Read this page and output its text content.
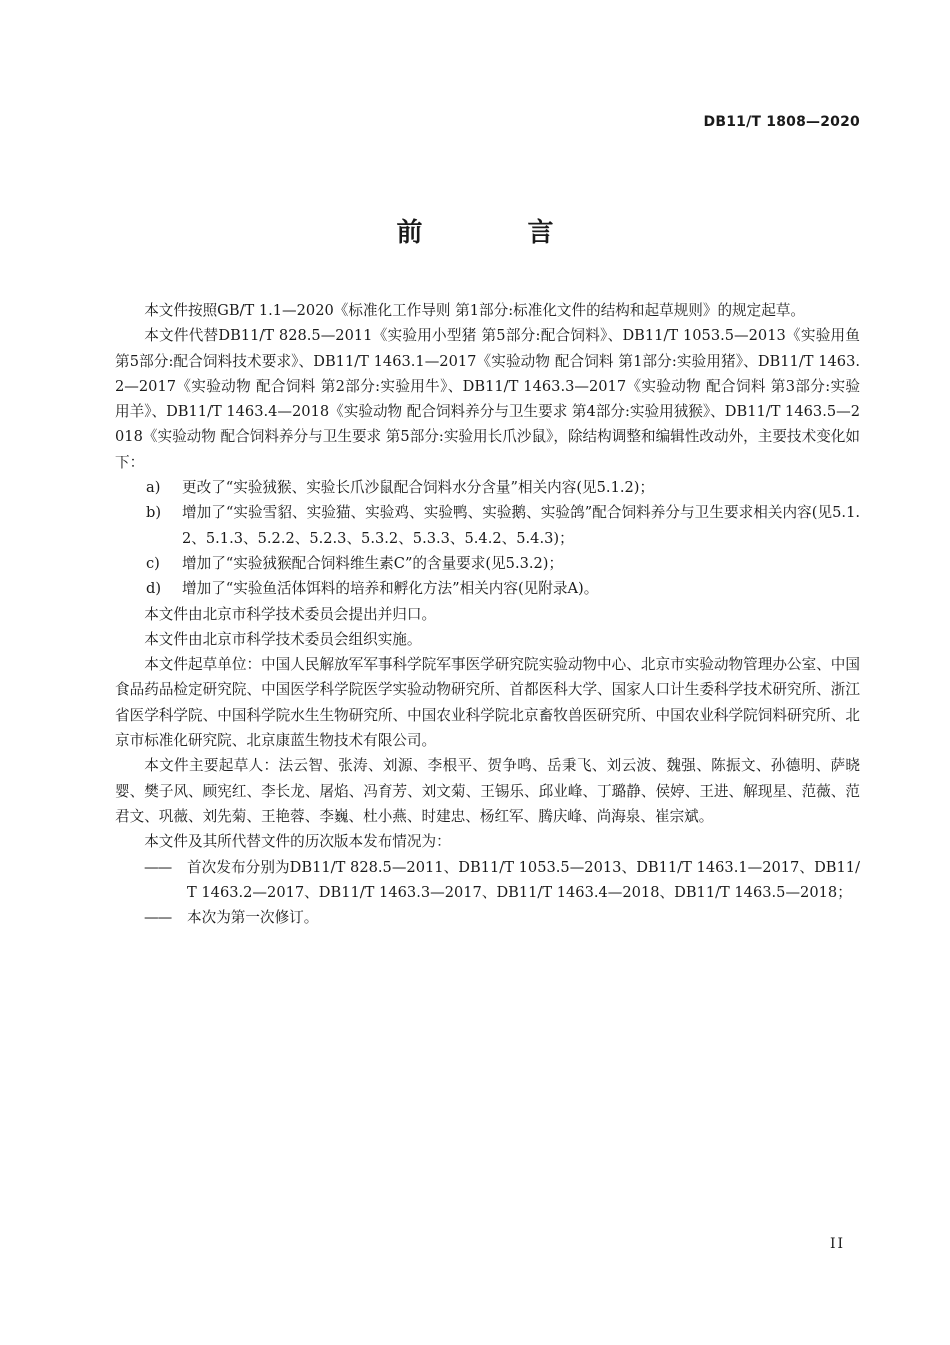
DB11/T 1808—2020
前 言

本文件按照GB/T 1.1—2020《标准化工作导则 第1部分:标准化文件的结构和起草规则》的规定起草。

本文件代替DB11/T 828.5—2011《实验用小型猪 第5部分:配合饲料》、DB11/T 1053.5—2013《实验用鱼 第5部分:配合饲料技术要求》、DB11/T 1463.1—2017《实验动物 配合饲料 第1部分:实验用猪》、DB11/T 1463.2—2017《实验动物 配合饲料 第2部分:实验用牛》、DB11/T 1463.3—2017《实验动物 配合饲料 第3部分:实验用羊》、DB11/T 1463.4—2018《实验动物 配合饲料养分与卫生要求 第4部分:实验用狨猴》、DB11/T 1463.5—2018《实验动物 配合饲料养分与卫生要求 第5部分:实验用长爪沙鼠》，除结构调整和编辑性改动外，主要技术变化如下：

a)	更改了“实验狨猴、实验长爪沙鼠配合饲料水分含量”相关内容(见5.1.2)；
b)	增加了“实验雪貂、实验猫、实验鸡、实验鸭、实验鹅、实验鸽”配合饲料养分与卫生要求相关内容(见5.1.2、5.1.3、5.2.2、5.2.3、5.3.2、5.3.3、5.4.2、5.4.3)；
c)	增加了“实验狨猴配合饲料维生素C”的含量要求(见5.3.2)；
d)	增加了“实验鱼活体饵料的培养和孵化方法”相关内容(见附录A)。

本文件由北京市科学技术委员会提出并归口。

本文件由北京市科学技术委员会组织实施。

本文件起草单位：中国人民解放军军事科学院军事医学研究院实验动物中心、北京市实验动物管理办公室、中国食品药品检定研究院、中国医学科学院医学实验动物研究所、首都医科大学、国家人口计生委科学技术研究所、浙江省医学科学院、中国科学院水生生物研究所、中国农业科学院北京畜牧兽医研究所、中国农业科学院饲料研究所、北京市标准化研究院、北京康蓝生物技术有限公司。

本文件主要起草人：法云智、张涛、刘源、李根平、贺争鸣、岳秉飞、刘云波、魏强、陈振文、孙德明、萨晓婴、樊子风、顾宪红、李长龙、屠焰、冯育芳、刘文菊、王锡乐、邱业峰、丁璐静、侯婷、王进、解现星、范薇、范君文、巩薇、刘先菊、王艳蓉、李巍、杜小燕、时建忠、杨红军、腾庆峰、尚海泉、崔宗斌。

本文件及其所代替文件的历次版本发布情况为：

——	首次发布分别为DB11/T 828.5—2011、DB11/T 1053.5—2013、DB11/T 1463.1—2017、DB11/T 1463.2—2017、DB11/T 1463.3—2017、DB11/T 1463.4—2018、DB11/T 1463.5—2018；
——	本次为第一次修订。
II
